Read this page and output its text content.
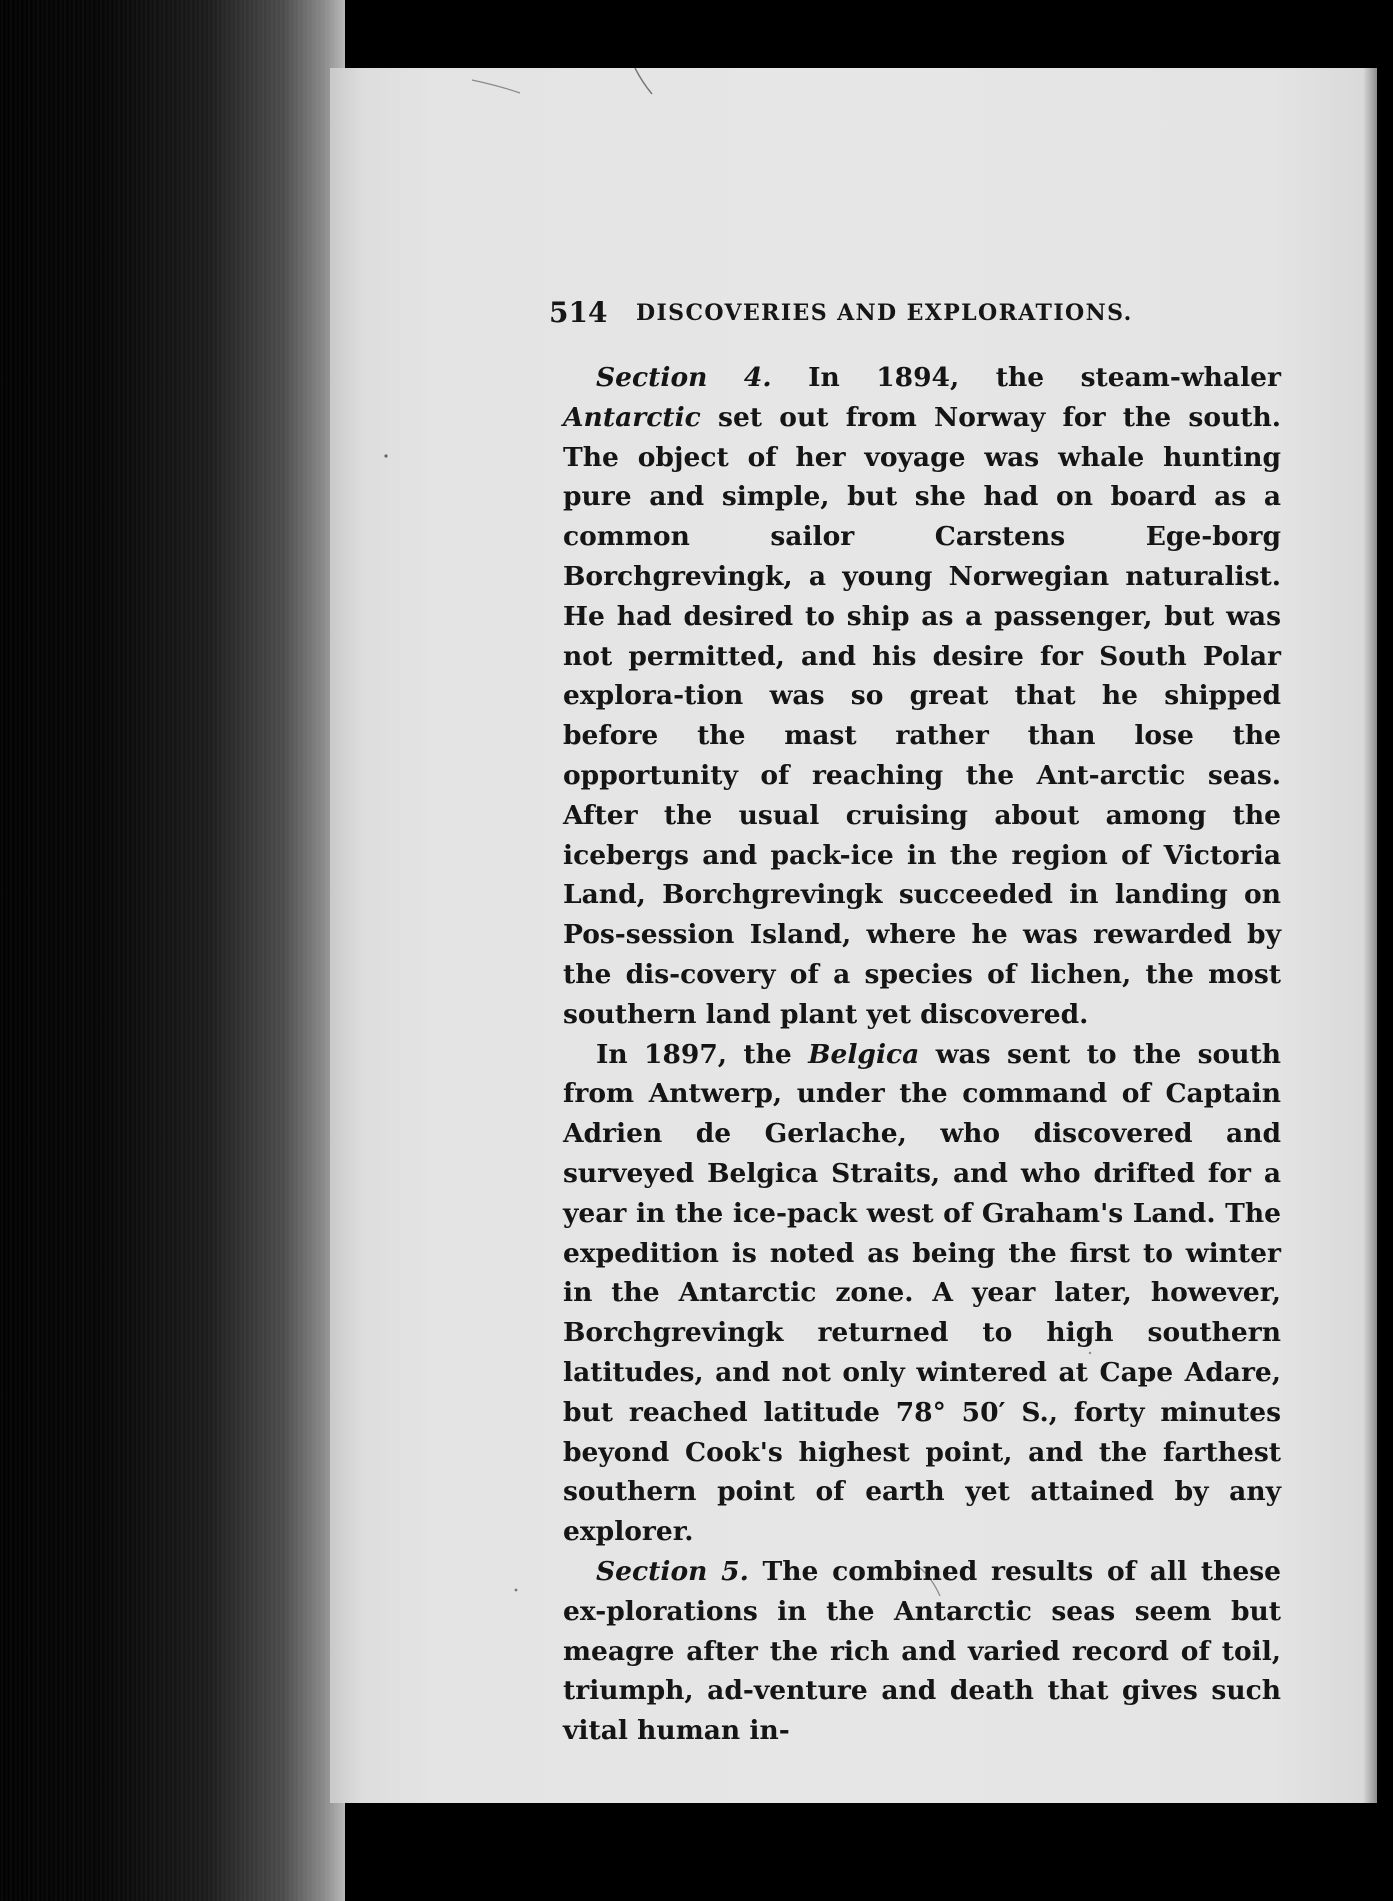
514 DISCOVERIES AND EXPLORATIONS.

Section 4. In 1894, the steam-whaler Antarctic set out from Norway for the south. The object of her voyage was whale hunting pure and simple, but she had on board as a common sailor Carstens Ege-borg Borchgrevingk, a young Norwegian naturalist. He had desired to ship as a passenger, but was not permitted, and his desire for South Polar explora-tion was so great that he shipped before the mast rather than lose the opportunity of reaching the Ant-arctic seas. After the usual cruising about among the icebergs and pack-ice in the region of Victoria Land, Borchgrevingk succeeded in landing on Pos-session Island, where he was rewarded by the dis-covery of a species of lichen, the most southern land plant yet discovered.

In 1897, the Belgica was sent to the south from Antwerp, under the command of Captain Adrien de Gerlache, who discovered and surveyed Belgica Straits, and who drifted for a year in the ice-pack west of Graham's Land. The expedition is noted as being the first to winter in the Antarctic zone. A year later, however, Borchgrevingk returned to high southern latitudes, and not only wintered at Cape Adare, but reached latitude 78° 50′ S., forty minutes beyond Cook's highest point, and the farthest southern point of earth yet attained by any explorer.

Section 5. The combined results of all these ex-plorations in the Antarctic seas seem but meagre after the rich and varied record of toil, triumph, ad-venture and death that gives such vital human in-
